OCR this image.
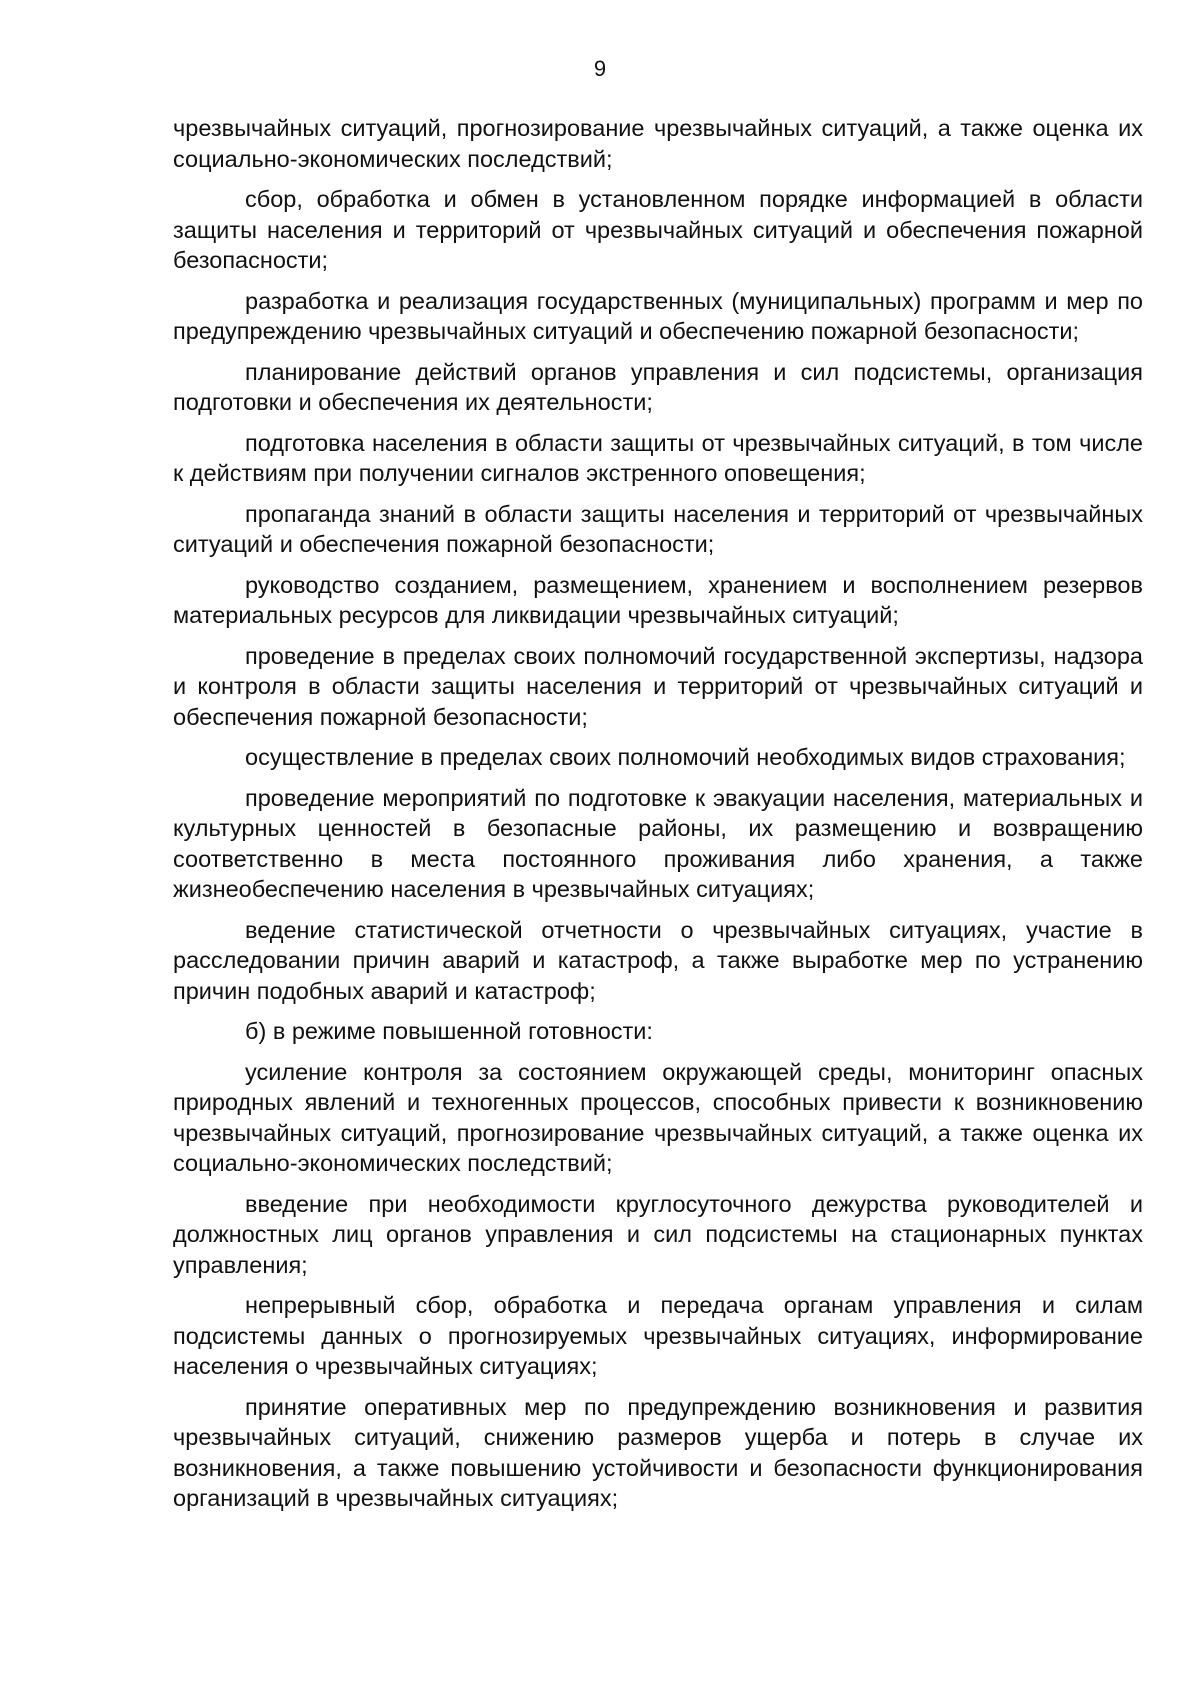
9

чрезвычайных ситуаций, прогнозирование чрезвычайных ситуаций, а также оценка их социально-экономических последствий;

сбор, обработка и обмен в установленном порядке информацией в области защиты населения и территорий от чрезвычайных ситуаций и обеспечения пожарной безопасности;

разработка и реализация государственных (муниципальных) программ и мер по предупреждению чрезвычайных ситуаций и обеспечению пожарной безопасности;

планирование действий органов управления и сил подсистемы, организация подготовки и обеспечения их деятельности;

подготовка населения в области защиты от чрезвычайных ситуаций, в том числе к действиям при получении сигналов экстренного оповещения;

пропаганда знаний в области защиты населения и территорий от чрезвычайных ситуаций и обеспечения пожарной безопасности;

руководство созданием, размещением, хранением и восполнением резервов материальных ресурсов для ликвидации чрезвычайных ситуаций;

проведение в пределах своих полномочий государственной экспертизы, надзора и контроля в области защиты населения и территорий от чрезвычайных ситуаций и обеспечения пожарной безопасности;

осуществление в пределах своих полномочий необходимых видов страхования;

проведение мероприятий по подготовке к эвакуации населения, материальных и культурных ценностей в безопасные районы, их размещению и возвращению соответственно в места постоянного проживания либо хранения, а также жизнеобеспечению населения в чрезвычайных ситуациях;

ведение статистической отчетности о чрезвычайных ситуациях, участие в расследовании причин аварий и катастроф, а также выработке мер по устранению причин подобных аварий и катастроф;

б) в режиме повышенной готовности:

усиление контроля за состоянием окружающей среды, мониторинг опасных природных явлений и техногенных процессов, способных привести к возникновению чрезвычайных ситуаций, прогнозирование чрезвычайных ситуаций, а также оценка их социально-экономических последствий;

введение при необходимости круглосуточного дежурства руководителей и должностных лиц органов управления и сил подсистемы на стационарных пунктах управления;

непрерывный сбор, обработка и передача органам управления и силам подсистемы данных о прогнозируемых чрезвычайных ситуациях, информирование населения о чрезвычайных ситуациях;

принятие оперативных мер по предупреждению возникновения и развития чрезвычайных ситуаций, снижению размеров ущерба и потерь в случае их возникновения, а также повышению устойчивости и безопасности функционирования организаций в чрезвычайных ситуациях;
